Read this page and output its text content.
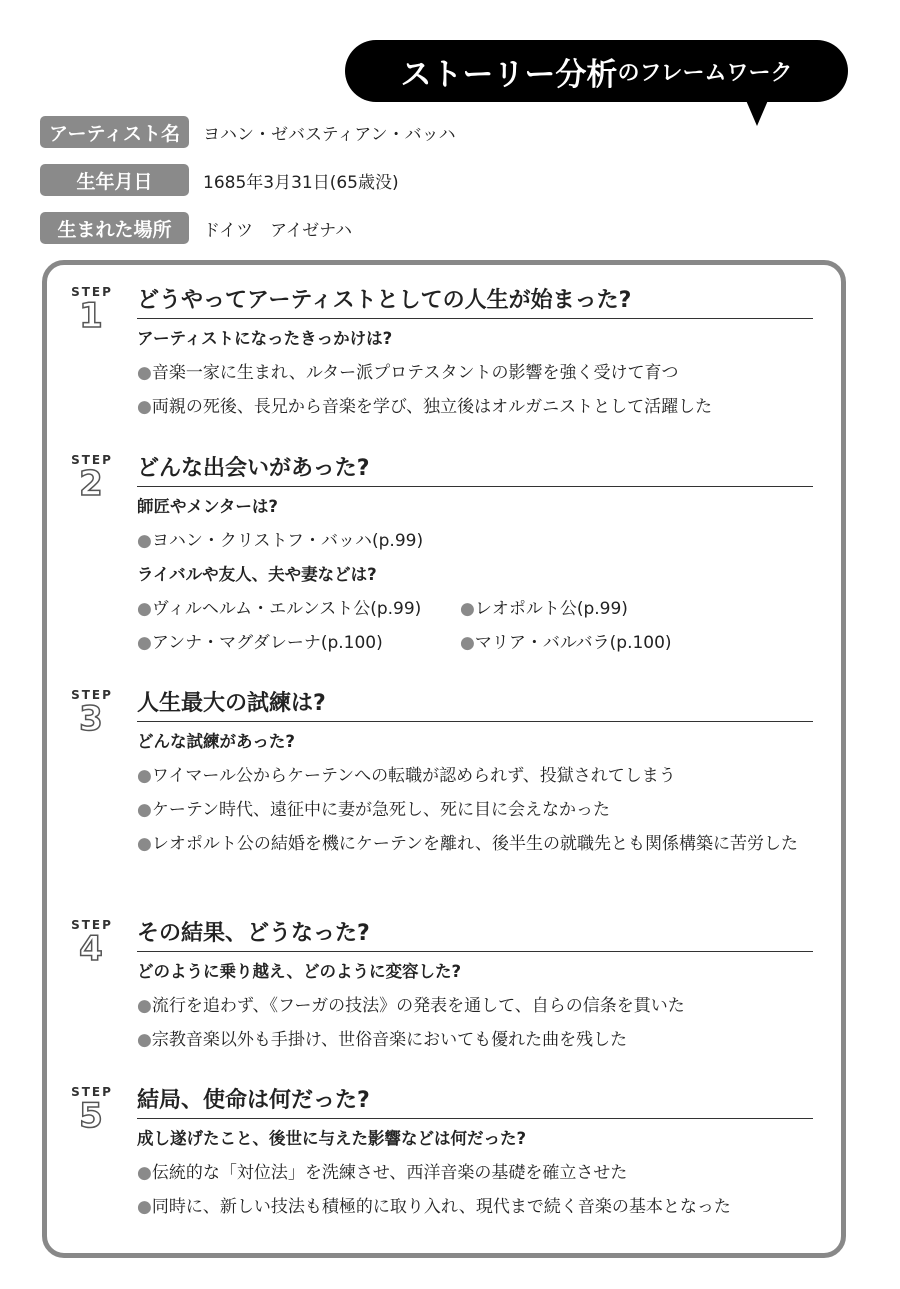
ストーリー分析 のフレームワーク
アーティスト名	ヨハン・ゼバスティアン・バッハ
生年月日	1685年3月31日(65歳没)
生まれた場所	ドイツ　アイゼナハ
STEP
1	どうやってアーティストとしての人生が始まった?
アーティストになったきっかけは?
●音楽一家に生まれ、ルター派プロテスタントの影響を強く受けて育つ
●両親の死後、長兄から音楽を学び、独立後はオルガニストとして活躍した
STEP
2	どんな出会いがあった?
師匠やメンターは?
●ヨハン・クリストフ・バッハ(p.99)
ライバルや友人、夫や妻などは?
●ヴィルヘルム・エルンスト公(p.99)	●レオポルト公(p.99)
●アンナ・マグダレーナ(p.100)	●マリア・バルバラ(p.100)
STEP
3	人生最大の試練は?
どんな試練があった?
●ワイマール公からケーテンへの転職が認められず、投獄されてしまう
●ケーテン時代、遠征中に妻が急死し、死に目に会えなかった
●レオポルト公の結婚を機にケーテンを離れ、後半生の就職先とも関係構築に苦労した
STEP
4	その結果、どうなった?
どのように乗り越え、どのように変容した?
●流行を追わず、《フーガの技法》の発表を通して、自らの信条を貫いた
●宗教音楽以外も手掛け、世俗音楽においても優れた曲を残した
STEP
5	結局、使命は何だった?
成し遂げたこと、後世に与えた影響などは何だった?
●伝統的な「対位法」を洗練させ、西洋音楽の基礎を確立させた
●同時に、新しい技法も積極的に取り入れ、現代まで続く音楽の基本となった
